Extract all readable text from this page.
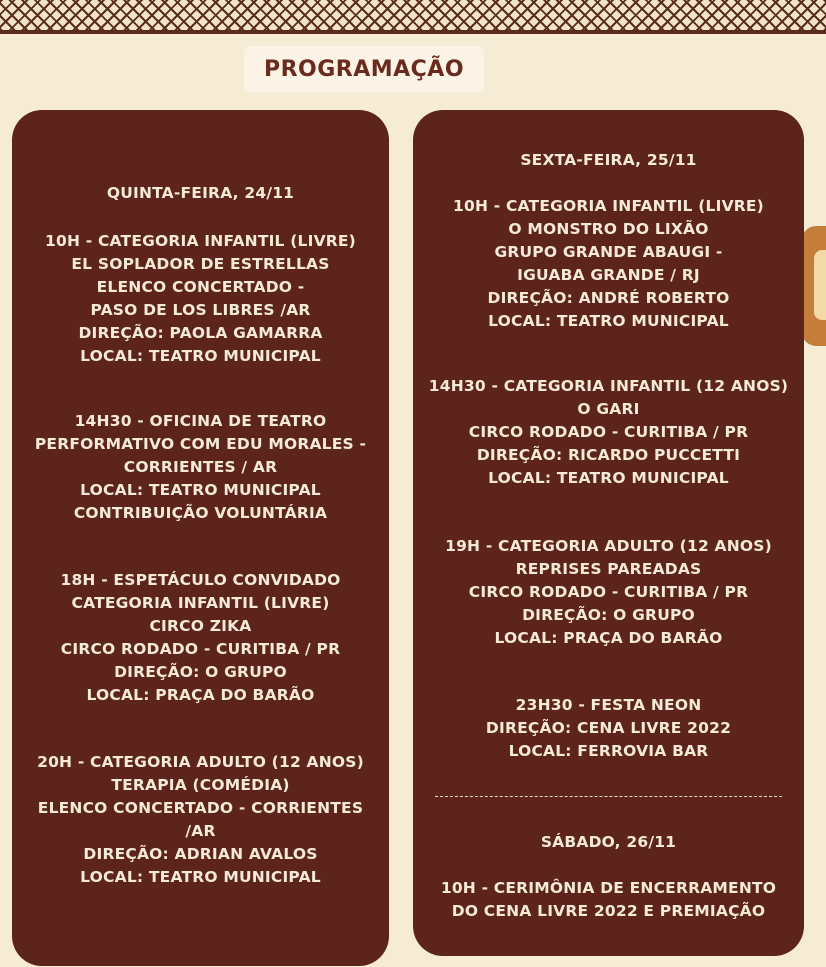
PROGRAMAÇÃO
QUINTA-FEIRA, 24/11
10H - CATEGORIA INFANTIL (LIVRE)
EL SOPLADOR DE ESTRELLAS
ELENCO CONCERTADO -
PASO DE LOS LIBRES /AR
DIREÇÃO: PAOLA GAMARRA
LOCAL: TEATRO MUNICIPAL
14H30 - OFICINA DE TEATRO
PERFORMATIVO COM EDU MORALES -
CORRIENTES / AR
LOCAL: TEATRO MUNICIPAL
CONTRIBUIÇÃO VOLUNTÁRIA
18H - ESPETÁCULO CONVIDADO
CATEGORIA INFANTIL (LIVRE)
CIRCO ZIKA
CIRCO RODADO - CURITIBA / PR
DIREÇÃO: O GRUPO
LOCAL: PRAÇA DO BARÃO
20H - CATEGORIA ADULTO (12 ANOS)
TERAPIA (COMÉDIA)
ELENCO CONCERTADO - CORRIENTES
/AR
DIREÇÃO: ADRIAN AVALOS
LOCAL: TEATRO MUNICIPAL
SEXTA-FEIRA, 25/11
10H - CATEGORIA INFANTIL (LIVRE)
O MONSTRO DO LIXÃO
GRUPO GRANDE ABAUGI -
IGUABA GRANDE / RJ
DIREÇÃO: ANDRÉ ROBERTO
LOCAL: TEATRO MUNICIPAL
14H30 - CATEGORIA INFANTIL (12 ANOS)
O GARI
CIRCO RODADO - CURITIBA / PR
DIREÇÃO: RICARDO PUCCETTI
LOCAL: TEATRO MUNICIPAL
19H - CATEGORIA ADULTO (12 ANOS)
REPRISES PAREADAS
CIRCO RODADO - CURITIBA / PR
DIREÇÃO: O GRUPO
LOCAL: PRAÇA DO BARÃO
23H30 - FESTA NEON
DIREÇÃO: CENA LIVRE 2022
LOCAL: FERROVIA BAR
SÁBADO, 26/11
10H - CERIMÔNIA DE ENCERRAMENTO
DO CENA LIVRE 2022 E PREMIAÇÃO
